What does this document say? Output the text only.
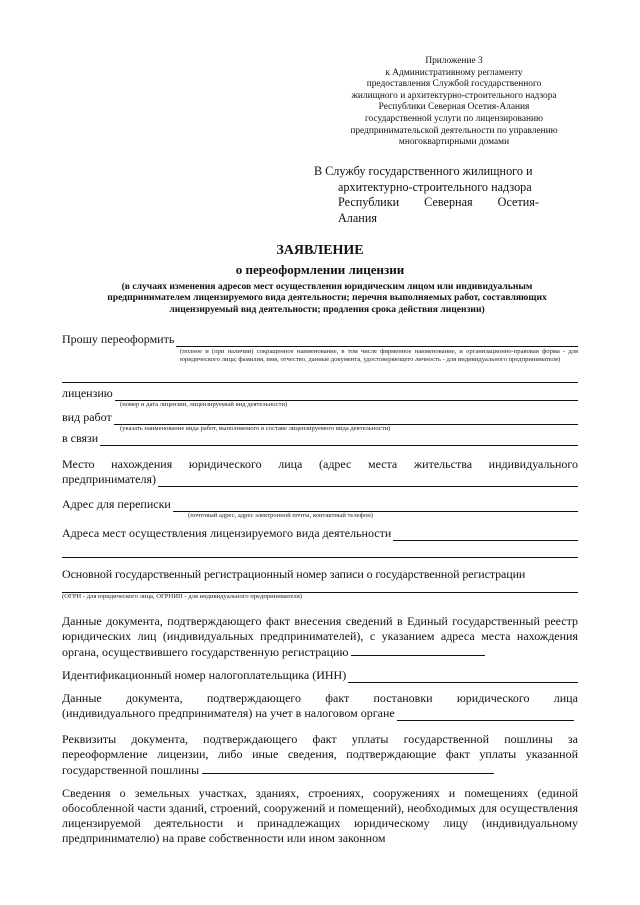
Приложение 3
к Административному регламенту
предоставления Службой государственного
жилищного и архитектурно-строительного надзора
Республики Северная Осетия-Алания
государственной услуги по лицензированию
предпринимательской деятельности по управлению
многоквартирными домами
В Службу государственного жилищного и
архитектурно-строительного надзора
Республики Северная Осетия-Алания
ЗАЯВЛЕНИЕ
о переоформлении лицензии
(в случаях изменения адресов мест осуществления юридическим лицом или индивидуальным предпринимателем лицензируемого вида деятельности; перечня выполняемых работ, составляющих лицензируемый вид деятельности; продления срока действия лицензии)
Прошу переоформить
(полное и (при наличии) сокращенное наименование, в том числе фирменное наименование, и организационно-правовая форма - для юридического лица; фамилия, имя, отчество, данные документа, удостоверяющего личность - для индивидуального предпринимателя)
лицензию
(номер и дата лицензии, лицензируемый вид деятельности)
вид работ
(указать наименование вида работ, выполняемого в составе лицензируемого вида деятельности)
в связи
Место нахождения юридического лица (адрес места жительства индивидуального
предпринимателя)
Адрес для переписки
(почтовый адрес, адрес электронной почты, контактный телефон)
Адреса мест осуществления лицензируемого вида деятельности
Основной государственный регистрационный номер записи о государственной регистрации
(ОГРН - для юридического лица, ОГРНИП - для индивидуального предпринимателя)
Данные документа, подтверждающего факт внесения сведений в Единый государственный реестр юридических лиц (индивидуальных предпринимателей), с указанием адреса места нахождения органа, осуществившего государственную регистрацию
Идентификационный номер налогоплательщика (ИНН)
Данные документа, подтверждающего факт постановки юридического лица
(индивидуального предпринимателя) на учет в налоговом органе
Реквизиты документа, подтверждающего факт уплаты государственной пошлины за переоформление лицензии, либо иные сведения, подтверждающие факт уплаты указанной государственной пошлины
Сведения о земельных участках, зданиях, строениях, сооружениях и помещениях (единой обособленной части зданий, строений, сооружений и помещений), необходимых для осуществления лицензируемой деятельности и принадлежащих юридическому лицу (индивидуальному предпринимателю) на праве собственности или ином законном
